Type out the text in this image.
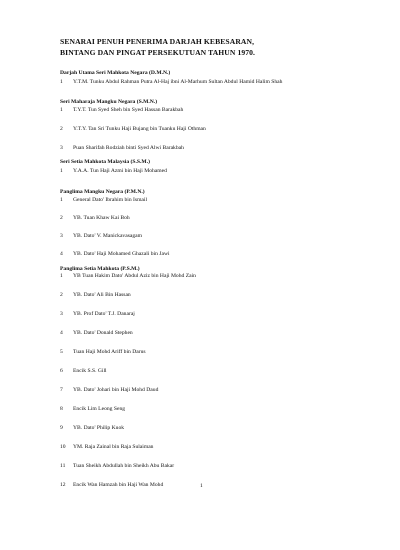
SENARAI PENUH PENERIMA DARJAH KEBESARAN,
BINTANG DAN PINGAT PERSEKUTUAN TAHUN 1970.
Darjah Utama Seri Mahkota Negara (D.M.N.)
1 Y.T.M. Tunku Abdul Rahman Putra Al-Haj ibni Al-Marhum Sultan Abdul Hamid Halim Shah
Seri Maharaja Mangku Negara (S.M.N.)
1 T.Y.T. Tun Syed Sheh bin Syed Hassan Barakbah
2 Y.T.Y. Tan Sri Tunku Haji Bujang bin Tuanku Haji Othman
3 Puan Sharifah Rodziah binti Syed Alwi Barakbah
Seri Setia Mahkota Malaysia (S.S.M.)
1 Y.A.A. Tun Haji Azmi bin Haji Mohamed
Panglima Mangku Negara (P.M.N.)
1 General Dato' Ibrahim bin Ismail
2 YB. Tuan Khaw Kai Boh
3 YB. Dato' V. Manickavasagam
4 YB. Dato' Haji Mohamed Ghazali bin Jawi
Panglima Setia Mahkota (P.S.M.)
1 YB Tuan Hakim Dato' Abdul Aziz bin Haji Mohd Zain
2 YB. Dato' Ali Bin Hassan
3 YB. Prof Dato' T.J. Danaraj
4 YB. Dato' Donald Stephen
5 Tuan Haji Mohd Ariff bin Darus
6 Encik S.S. Gill
7 YB. Dato' Johari bin Haji Mohd Daud
8 Encik Lim Leong Seng
9 YB. Dato' Philip Kuok
10 YM. Raja Zainal bin Raja Sulaiman
11 Tuan Sheikh Abdullah bin Sheikh Abu Bakar
12 Encik Wan Hamzah bin Haji Wan Mohd	1
